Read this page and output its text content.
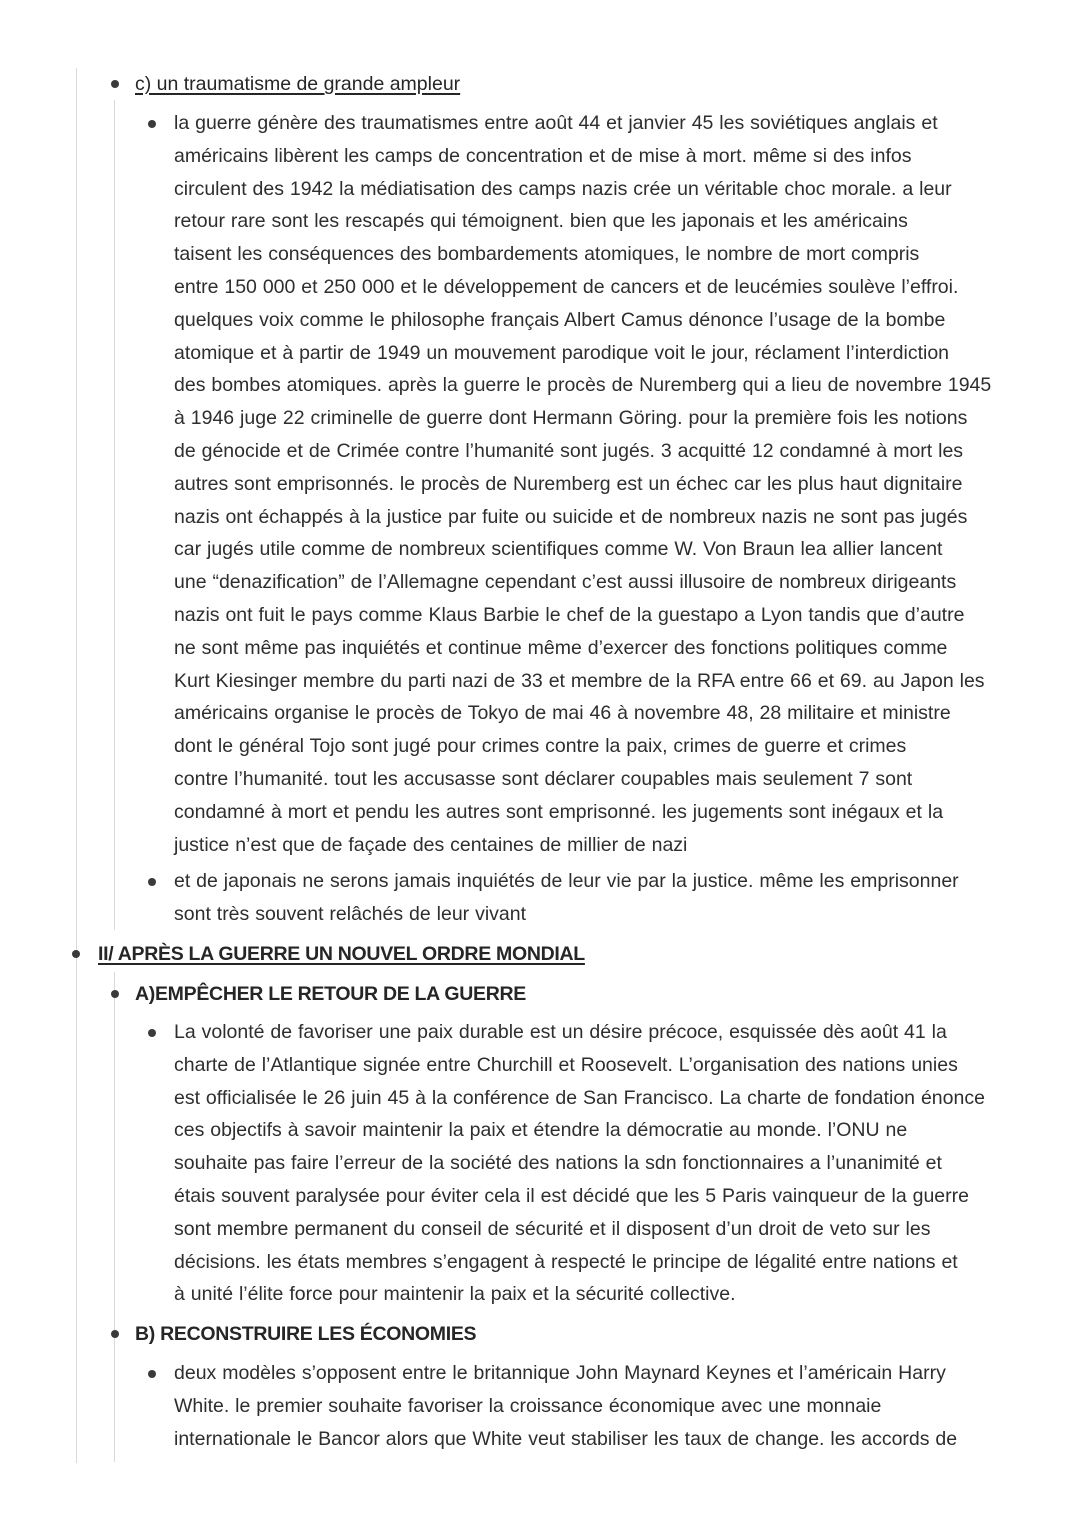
c) un traumatisme de grande ampleur
la guerre génère des traumatismes entre août 44 et janvier 45 les soviétiques anglais et
américains libèrent les camps de concentration et de mise à mort. même si des infos
circulent des 1942 la médiatisation des camps nazis crée un véritable choc morale. a leur
retour rare sont les rescapés qui témoignent. bien que les japonais et les américains
taisent les conséquences des bombardements atomiques, le nombre de mort compris
entre 150 000 et 250 000 et le développement de cancers et de leucémies soulève l’effroi.
quelques voix comme le philosophe français Albert Camus dénonce l’usage de la bombe
atomique et à partir de 1949 un mouvement parodique voit le jour, réclament l’interdiction
des bombes atomiques. après la guerre le procès de Nuremberg qui a lieu de novembre 1945
à 1946 juge 22 criminelle de guerre dont Hermann Göring. pour la première fois les notions
de génocide et de Crimée contre l’humanité sont jugés. 3 acquitté 12 condamné à mort les
autres sont emprisonnés. le procès de Nuremberg est un échec car les plus haut dignitaire
nazis ont échappés à la justice par fuite ou suicide et de nombreux nazis ne sont pas jugés
car jugés utile comme de nombreux scientifiques comme W. Von Braun lea allier lancent
une “denazification” de l’Allemagne cependant c’est aussi illusoire de nombreux dirigeants
nazis ont fuit le pays comme Klaus Barbie le chef de la guestapo a Lyon tandis que d’autre
ne sont même pas inquiétés et continue même d’exercer des fonctions politiques comme
Kurt Kiesinger membre du parti nazi de 33 et membre de la RFA entre 66 et 69. au Japon les
américains organise le procès de Tokyo de mai 46 à novembre 48, 28 militaire et ministre
dont le général Tojo sont jugé pour crimes contre la paix, crimes de guerre et crimes
contre l’humanité. tout les accusasse sont déclarer coupables mais seulement 7 sont
condamné à mort et pendu les autres sont emprisonné. les jugements sont inégaux et la
justice n’est que de façade des centaines de millier de nazi
et de japonais ne serons jamais inquiétés de leur vie par la justice. même les emprisonner
sont très souvent relâchés de leur vivant
II/ APRÈS LA GUERRE UN NOUVEL ORDRE MONDIAL
A)EMPÊCHER LE RETOUR DE LA GUERRE
La volonté de favoriser une paix durable est un désire précoce, esquissée dès août 41 la
charte de l’Atlantique signée entre Churchill et Roosevelt. L’organisation des nations unies
est officialisée le 26 juin 45 à la conférence de San Francisco. La charte de fondation énonce
ces objectifs à savoir maintenir la paix et étendre la démocratie au monde. l’ONU ne
souhaite pas faire l’erreur de la société des nations la sdn fonctionnaires a l’unanimité et
étais souvent paralysée pour éviter cela il est décidé que les 5 Paris vainqueur de la guerre
sont membre permanent du conseil de sécurité et il disposent d’un droit de veto sur les
décisions. les états membres s’engagent à respecté le principe de légalité entre nations et
à unité l’élite force pour maintenir la paix et la sécurité collective.
B) RECONSTRUIRE LES ÉCONOMIES
deux modèles s’opposent entre le britannique John Maynard Keynes et l’américain Harry
White. le premier souhaite favoriser la croissance économique avec une monnaie
internationale le Bancor alors que White veut stabiliser les taux de change. les accords de
